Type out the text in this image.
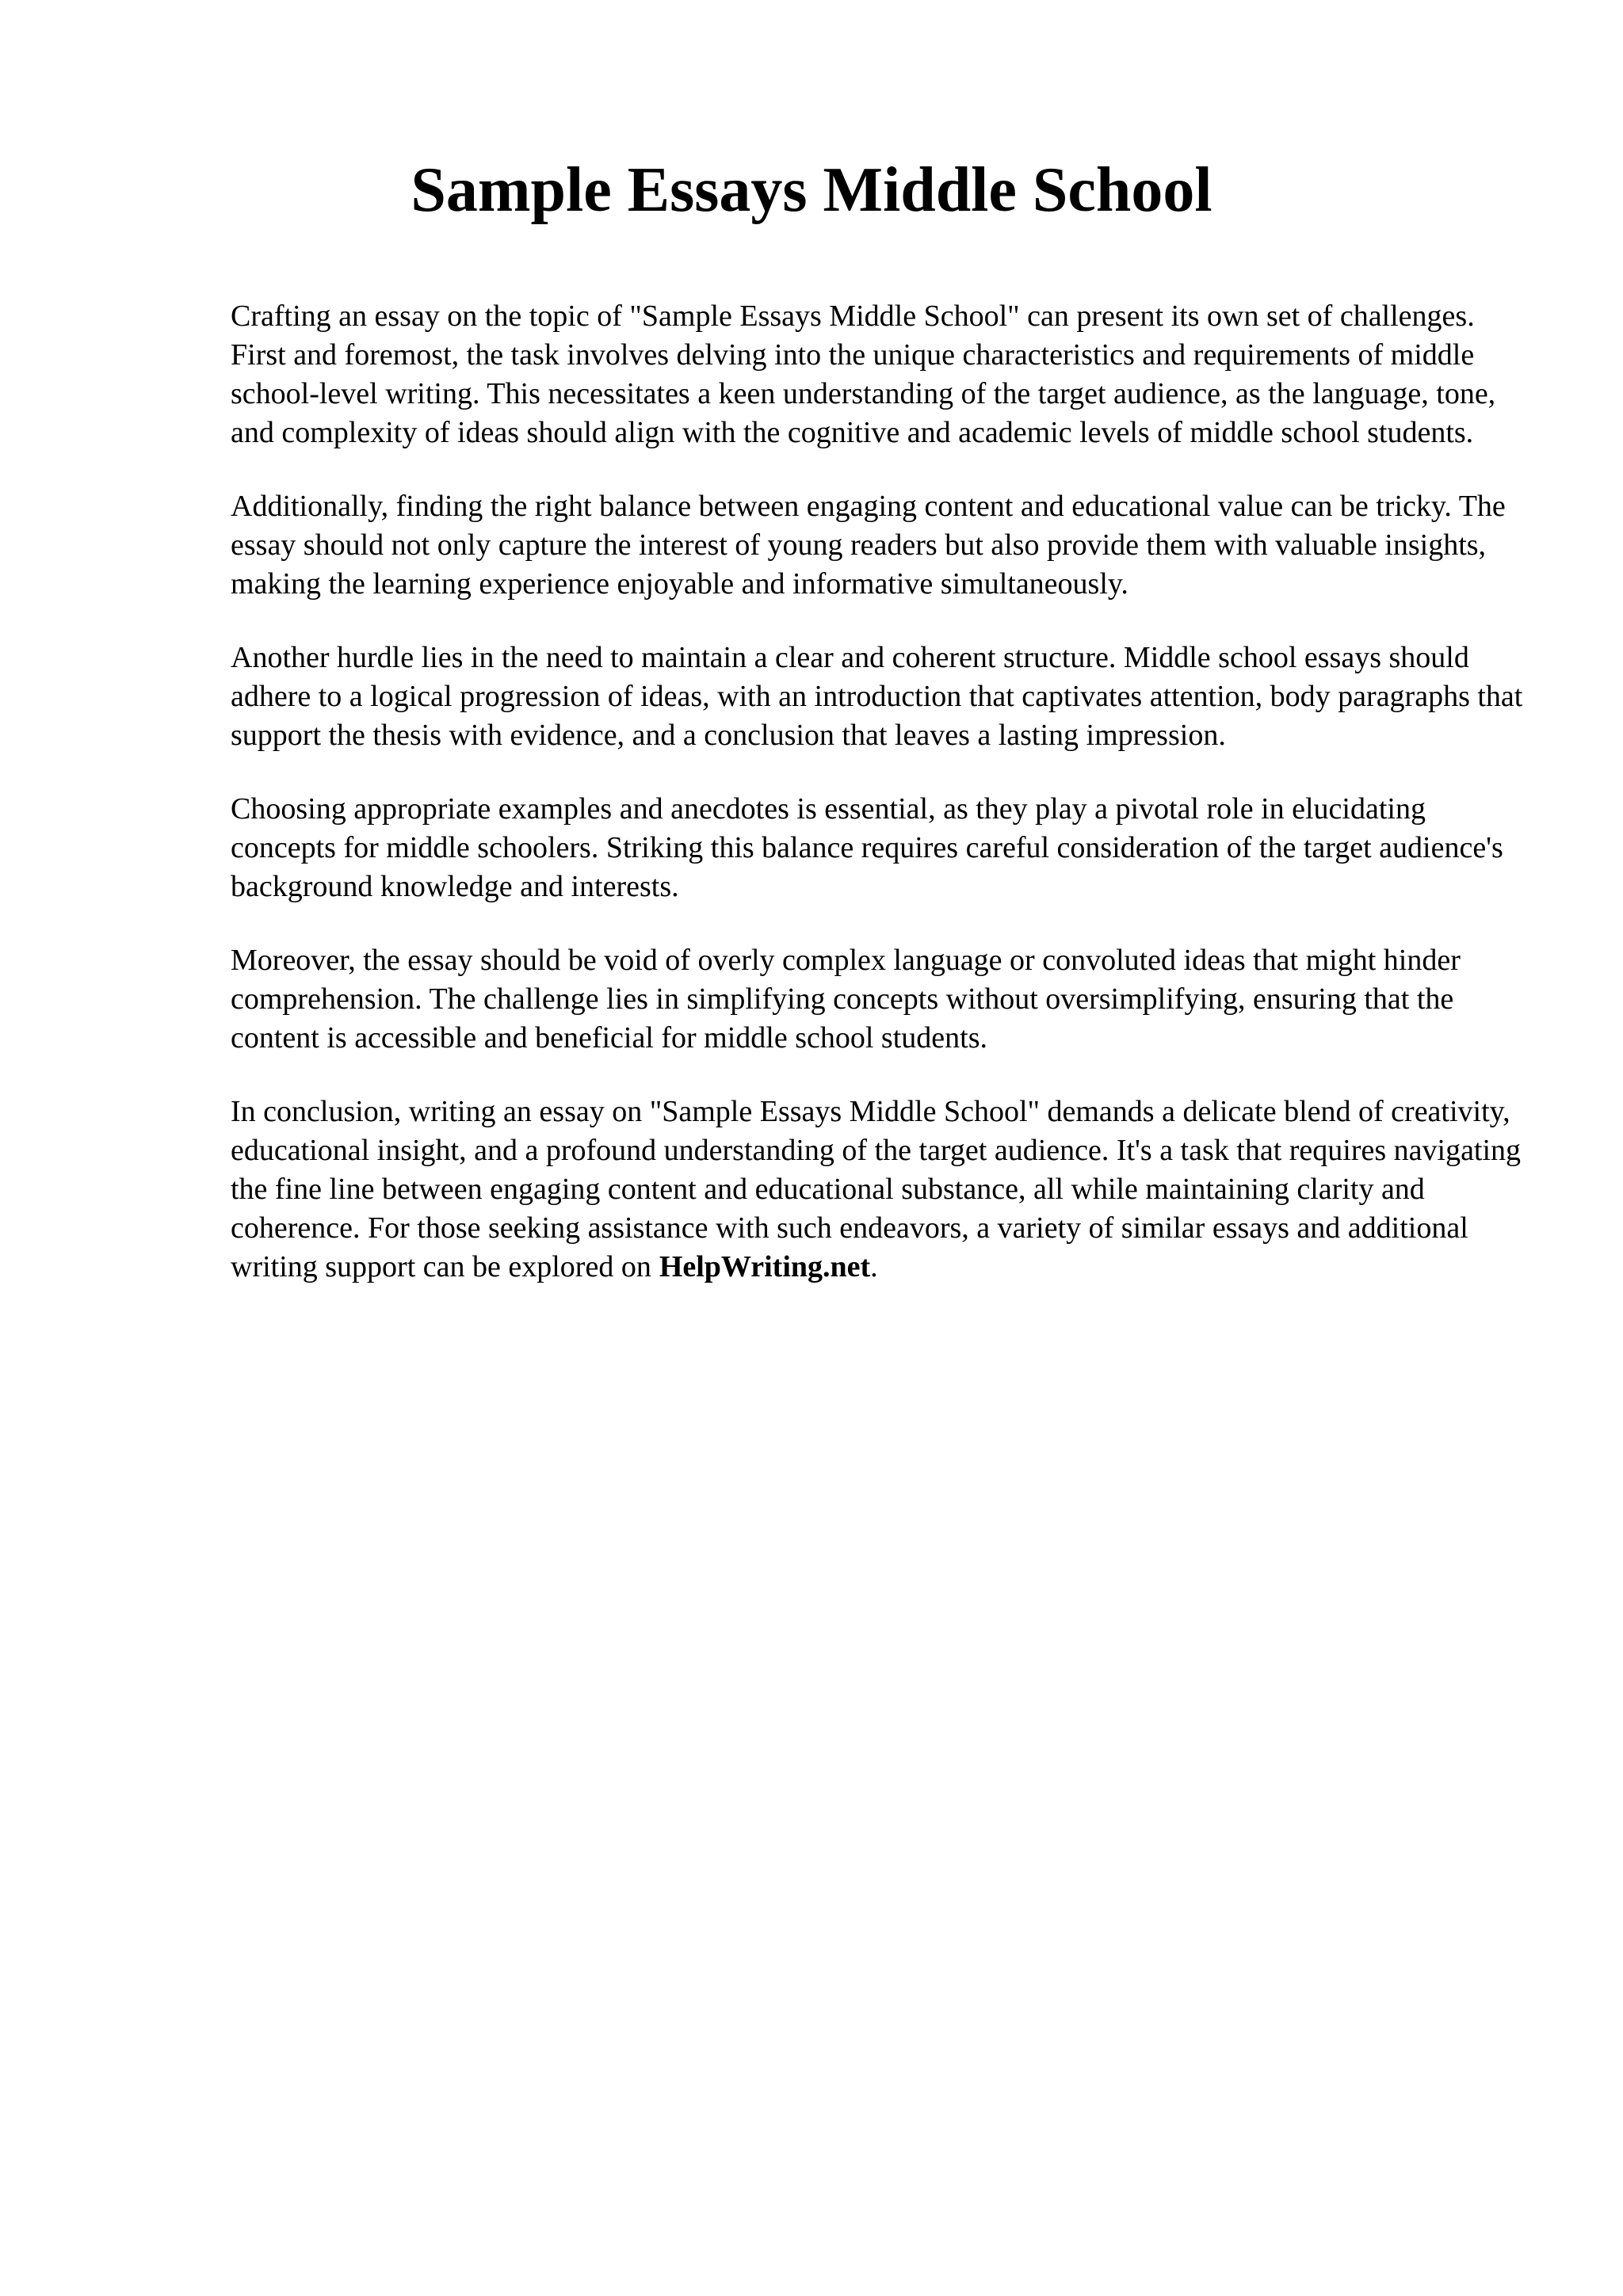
Sample Essays Middle School

Crafting an essay on the topic of "Sample Essays Middle School" can present its own set of challenges. First and foremost, the task involves delving into the unique characteristics and requirements of middle school-level writing. This necessitates a keen understanding of the target audience, as the language, tone, and complexity of ideas should align with the cognitive and academic levels of middle school students.

Additionally, finding the right balance between engaging content and educational value can be tricky. The essay should not only capture the interest of young readers but also provide them with valuable insights, making the learning experience enjoyable and informative simultaneously.

Another hurdle lies in the need to maintain a clear and coherent structure. Middle school essays should adhere to a logical progression of ideas, with an introduction that captivates attention, body paragraphs that support the thesis with evidence, and a conclusion that leaves a lasting impression.

Choosing appropriate examples and anecdotes is essential, as they play a pivotal role in elucidating concepts for middle schoolers. Striking this balance requires careful consideration of the target audience's background knowledge and interests.

Moreover, the essay should be void of overly complex language or convoluted ideas that might hinder comprehension. The challenge lies in simplifying concepts without oversimplifying, ensuring that the content is accessible and beneficial for middle school students.

In conclusion, writing an essay on "Sample Essays Middle School" demands a delicate blend of creativity, educational insight, and a profound understanding of the target audience. It's a task that requires navigating the fine line between engaging content and educational substance, all while maintaining clarity and coherence. For those seeking assistance with such endeavors, a variety of similar essays and additional writing support can be explored on HelpWriting.net.
